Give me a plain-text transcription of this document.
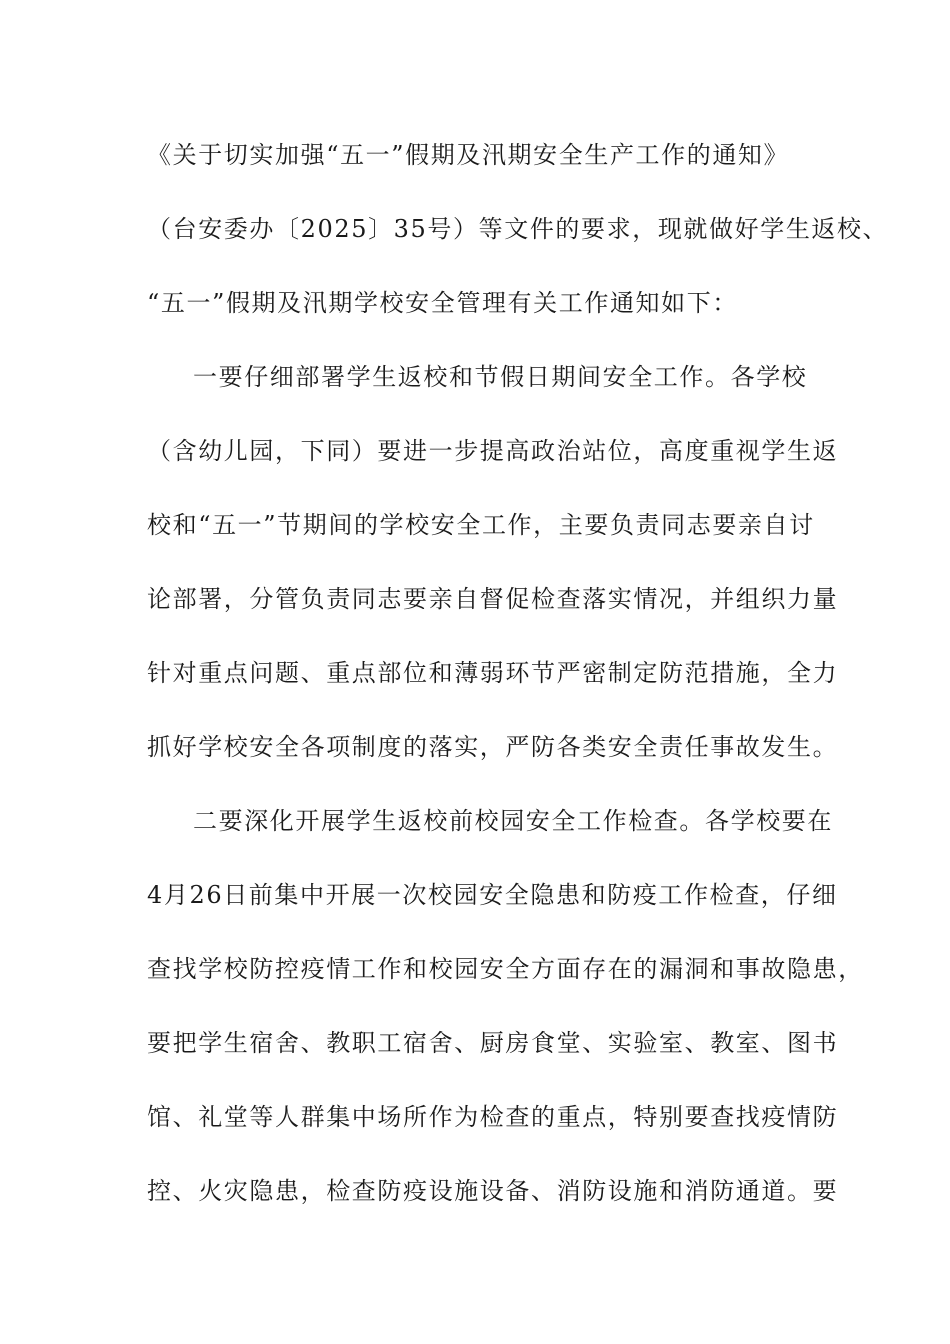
《关于切实加强“五一”假期及汛期安全生产工作的通知》
（台安委办〔2025〕35号）等文件的要求，现就做好学生返校、
“五一”假期及汛期学校安全管理有关工作通知如下：
一要仔细部署学生返校和节假日期间安全工作。各学校
（含幼儿园，下同）要进一步提高政治站位，高度重视学生返
校和“五一”节期间的学校安全工作，主要负责同志要亲自讨
论部署，分管负责同志要亲自督促检查落实情况，并组织力量
针对重点问题、重点部位和薄弱环节严密制定防范措施，全力
抓好学校安全各项制度的落实，严防各类安全责任事故发生。
二要深化开展学生返校前校园安全工作检查。各学校要在
4月26日前集中开展一次校园安全隐患和防疫工作检查，仔细
查找学校防控疫情工作和校园安全方面存在的漏洞和事故隐患，
要把学生宿舍、教职工宿舍、厨房食堂、实验室、教室、图书
馆、礼堂等人群集中场所作为检查的重点，特别要查找疫情防
控、火灾隐患，检查防疫设施设备、消防设施和消防通道。要
